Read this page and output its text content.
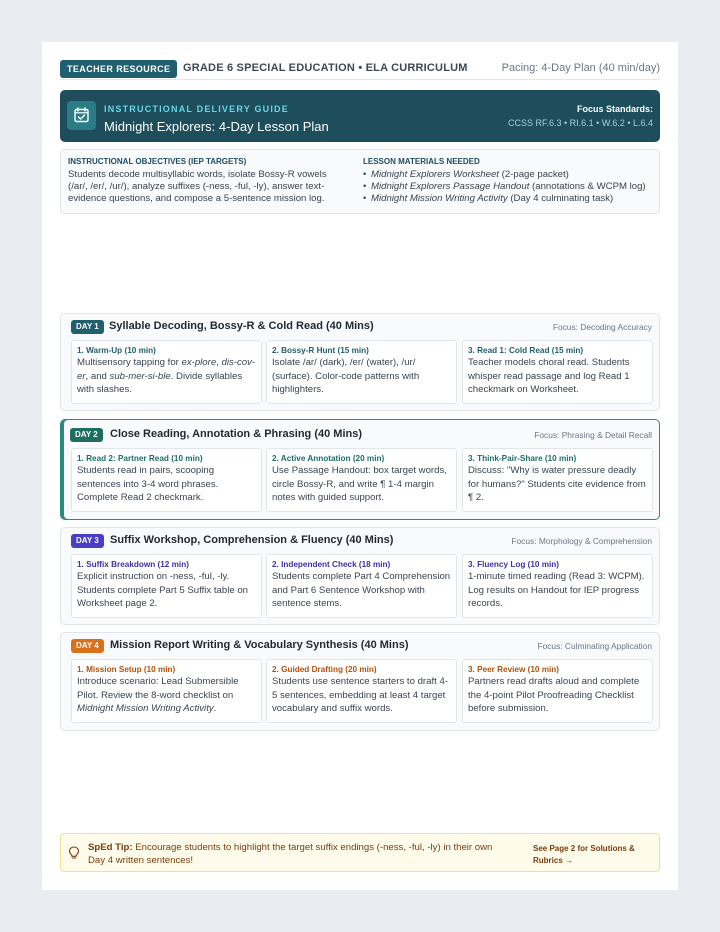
TEACHER RESOURCE	GRADE 6 SPECIAL EDUCATION • ELA CURRICULUM	Pacing: 4-Day Plan (40 min/day)
INSTRUCTIONAL DELIVERY GUIDE
Midnight Explorers: 4-Day Lesson Plan
Focus Standards:
CCSS RF.6.3 • RI.6.1 • W.6.2 • L.6.4
INSTRUCTIONAL OBJECTIVES (IEP TARGETS)
Students decode multisyllabic words, isolate Bossy-R vowels (/ar/, /er/, /ur/), analyze suffixes (-ness, -ful, -ly), answer text-evidence questions, and compose a 5-sentence mission log.
LESSON MATERIALS NEEDED
• Midnight Explorers Worksheet (2-page packet)
• Midnight Explorers Passage Handout (annotations & WCPM log)
• Midnight Mission Writing Activity (Day 4 culminating task)
DAY 1 Syllable Decoding, Bossy-R & Cold Read (40 Mins)	Focus: Decoding Accuracy
1. Warm-Up (10 min)
Multisensory tapping for ex-plore, dis-cov-er, and sub-mer-si-ble. Divide syllables with slashes.
2. Bossy-R Hunt (15 min)
Isolate /ar/ (dark), /er/ (water), /ur/ (surface). Color-code patterns with highlighters.
3. Read 1: Cold Read (15 min)
Teacher models choral read. Students whisper read passage and log Read 1 checkmark on Worksheet.
DAY 2	Close Reading, Annotation & Phrasing (40 Mins)	Focus: Phrasing & Detail Recall
1. Read 2: Partner Read (10 min)
Students read in pairs, scooping sentences into 3-4 word phrases. Complete Read 2 checkmark.
2. Active Annotation (20 min)
Use Passage Handout: box target words, circle Bossy-R, and write ¶ 1-4 margin notes with guided support.
3. Think-Pair-Share (10 min)
Discuss: "Why is water pressure deadly for humans?" Students cite evidence from ¶ 2.
DAY 3	Suffix Workshop, Comprehension & Fluency (40 Mins)	Focus: Morphology & Comprehension
1. Suffix Breakdown (12 min)
Explicit instruction on -ness, -ful, -ly. Students complete Part 5 Suffix table on Worksheet page 2.
2. Independent Check (18 min)
Students complete Part 4 Comprehension and Part 6 Sentence Workshop with sentence stems.
3. Fluency Log (10 min)
1-minute timed reading (Read 3: WCPM). Log results on Handout for IEP progress records.
DAY 4	Mission Report Writing & Vocabulary Synthesis (40 Mins)	Focus: Culminating Application
1. Mission Setup (10 min)
Introduce scenario: Lead Submersible Pilot. Review the 8-word checklist on Midnight Mission Writing Activity.
2. Guided Drafting (20 min)
Students use sentence starters to draft 4-5 sentences, embedding at least 4 target vocabulary and suffix words.
3. Peer Review (10 min)
Partners read drafts aloud and complete the 4-point Pilot Proofreading Checklist before submission.
SpEd Tip: Encourage students to highlight the target suffix endings (-ness, -ful, -ly) in their own Day 4 written sentences!
See Page 2 for Solutions & Rubrics →
